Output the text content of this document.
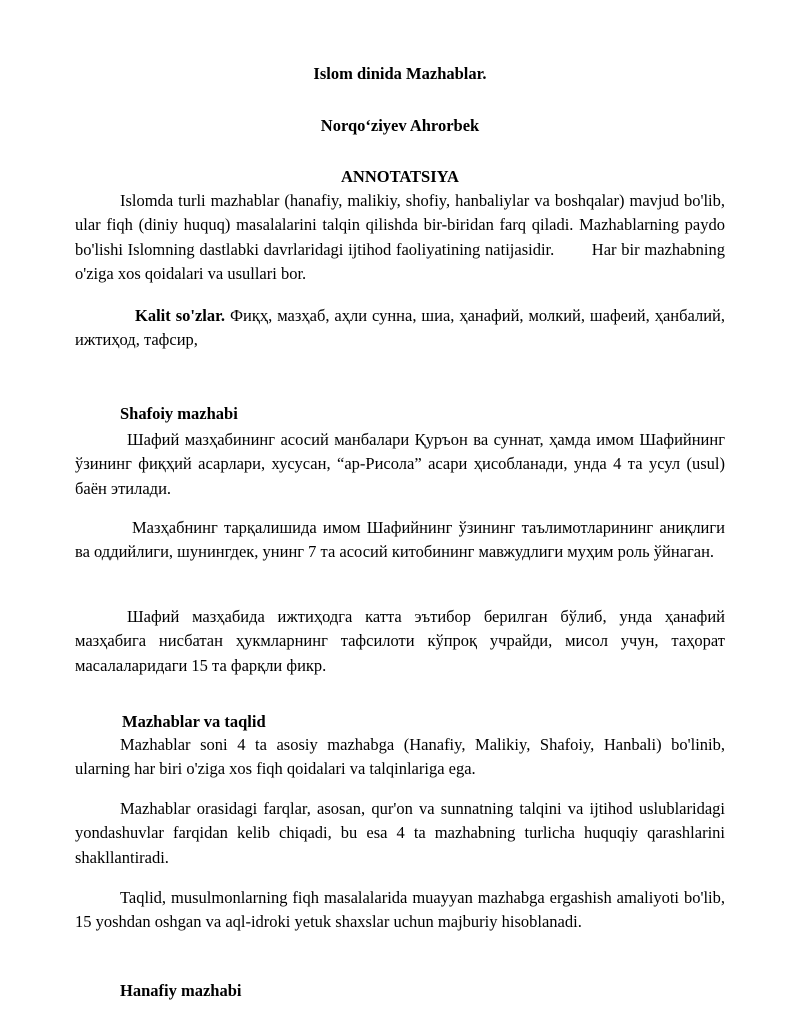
Islom dinida Mazhablar.
Norqo‘ziyev Ahrorbek
ANNOTATSIYA
Islomda turli mazhablar (hanafiy, malikiy, shofiy, hanbaliylar va boshqalar) mavjud bo'lib, ular fiqh (diniy huquq) masalalarini talqin qilishda bir-biridan farq qiladi. Mazhablarning paydo bo'lishi Islomning dastlabki davrlaridagi ijtihod faoliyatining natijasidir. Har bir mazhabning o'ziga xos qoidalari va usullari bor.
Kalit so'zlar. Фиқҳ, мазҳаб, аҳли сунна, шиа, ҳанафий, молкий, шафеий, ҳанбалий, ижтиҳод, тафсир,
Shafoiy mazhabi
Шафий мазҳабининг асосий манбалари Қуръон ва суннат, ҳамда имом Шафийнинг ўзининг фиқҳий асарлари, хусусан, “ар-Рисола” асари ҳисобланади, унда 4 та усул (usul) баён этилади.
Мазҳабнинг тарқалишида имом Шафийнинг ўзининг таълимотларининг аниқлиги ва оддийлиги, шунингдек, унинг 7 та асосий китобининг мавжудлиги муҳим роль ўйнаган.
Шафий мазҳабида ижтиҳодга катта эътибор берилган бўлиб, унда ҳанафий мазҳабига нисбатан ҳукмларнинг тафсилоти кўпроқ учрайди, мисол учун, таҳорат масалаларидаги 15 та фарқли фикр.
Mazhablar va taqlid
Mazhablar soni 4 ta asosiy mazhabga (Hanafiy, Malikiy, Shafoiy, Hanbali) bo'linib, ularning har biri o'ziga xos fiqh qoidalari va talqinlariga ega.
Mazhablar orasidagi farqlar, asosan, qur'on va sunnatning talqini va ijtihod uslublaridagi yondashuvlar farqidan kelib chiqadi, bu esa 4 ta mazhabning turlicha huquqiy qarashlarini shakllantiradi.
Taqlid, musulmonlarning fiqh masalalarida muayyan mazhabga ergashish amaliyoti bo'lib, 15 yoshdan oshgan va aql-idroki yetuk shaxslar uchun majburiy hisoblanadi.
Hanafiy mazhabi
